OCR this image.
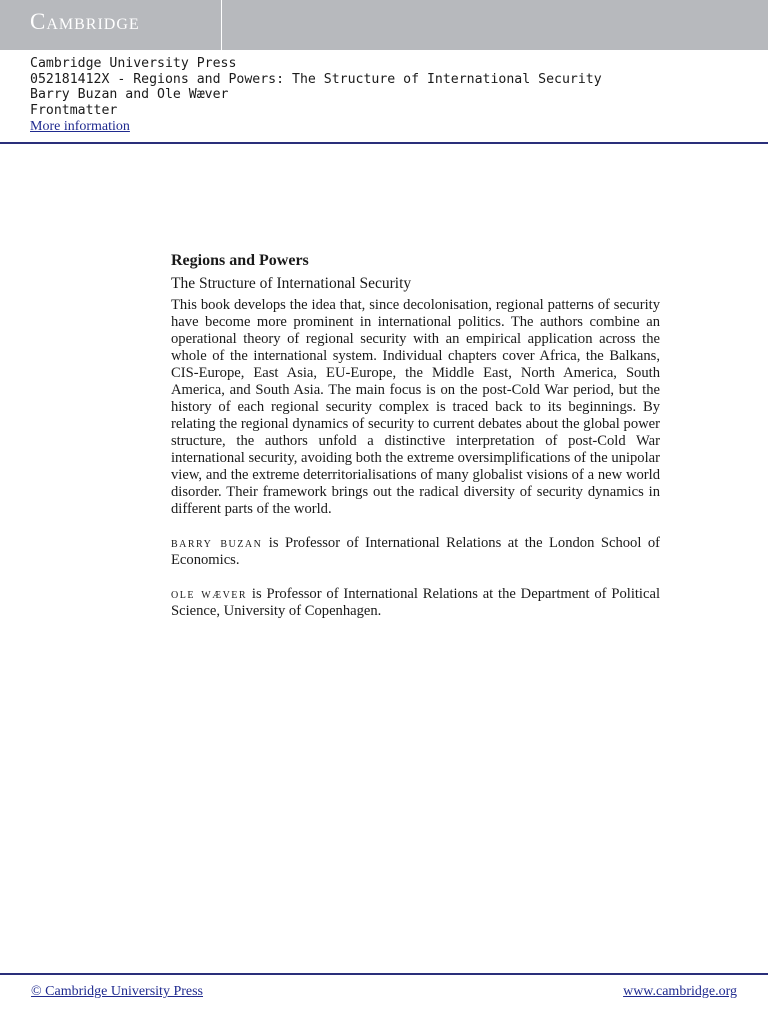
Cambridge
Cambridge University Press
052181412X - Regions and Powers: The Structure of International Security
Barry Buzan and Ole Wæver
Frontmatter
More information
Regions and Powers
The Structure of International Security

This book develops the idea that, since decolonisation, regional patterns of security have become more prominent in international politics. The authors combine an operational theory of regional security with an empirical application across the whole of the international system. Individual chapters cover Africa, the Balkans, CIS-Europe, East Asia, EU-Europe, the Middle East, North America, South America, and South Asia. The main focus is on the post-Cold War period, but the history of each regional security complex is traced back to its beginnings. By relating the regional dynamics of security to current debates about the global power structure, the authors unfold a distinctive interpretation of post-Cold War international security, avoiding both the extreme oversimplifications of the unipolar view, and the extreme deterritorialisations of many globalist visions of a new world disorder. Their framework brings out the radical diversity of security dynamics in different parts of the world.

barry buzan is Professor of International Relations at the London School of Economics.

ole wæver is Professor of International Relations at the Department of Political Science, University of Copenhagen.

© Cambridge University Press	www.cambridge.org
